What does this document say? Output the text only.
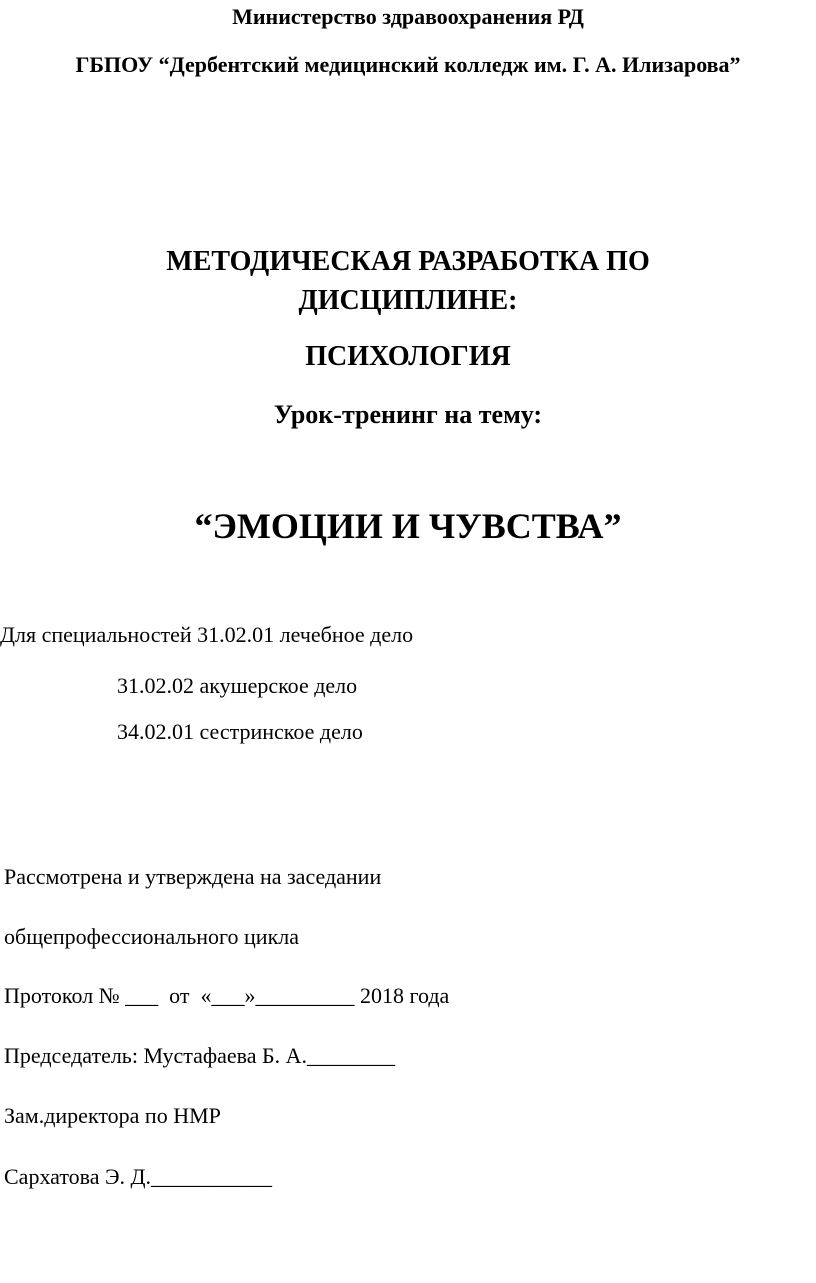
Министерство здравоохранения РД
ГБПОУ “Дербентский медицинский колледж им. Г. А. Илизарова”
МЕТОДИЧЕСКАЯ РАЗРАБОТКА ПО
ДИСЦИПЛИНЕ:
ПСИХОЛОГИЯ
Урок-тренинг на тему:
“ЭМОЦИИ И ЧУВСТВА”
Для специальностей 31.02.01 лечебное дело
31.02.02 акушерское дело
34.02.01 сестринское дело
Рассмотрена и утверждена на заседании
общепрофессионального цикла
Протокол № ___  от  «___»_________ 2018 года
Председатель: Мустафаева Б. А.________
Зам.директора по НМР
Сархатова Э. Д.___________
